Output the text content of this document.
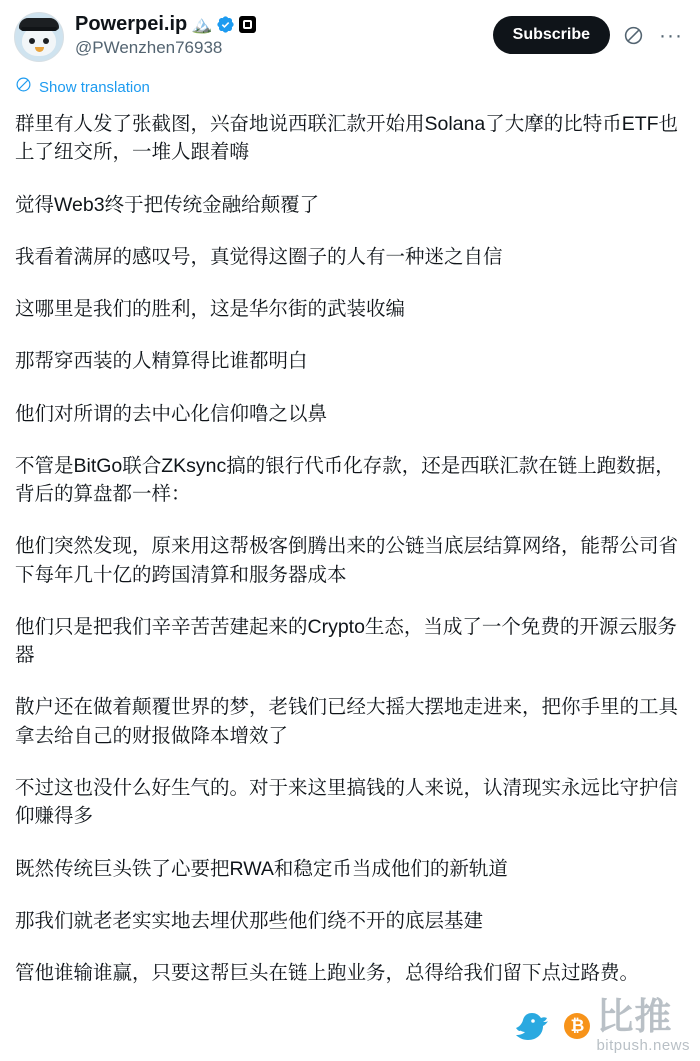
Powerpei.ip 🏔️
@PWenzhen76938
Subscribe	···
Show translation

群里有人发了张截图，兴奋地说西联汇款开始用Solana了大摩的比特币ETF也上了纽交所，一堆人跟着嗨

觉得Web3终于把传统金融给颠覆了

我看着满屏的感叹号，真觉得这圈子的人有一种迷之自信

这哪里是我们的胜利，这是华尔街的武装收编

那帮穿西装的人精算得比谁都明白

他们对所谓的去中心化信仰噜之以鼻

不管是BitGo联合ZKsync搞的银行代币化存款，还是西联汇款在链上跑数据，背后的算盘都一样：

他们突然发现，原来用这帮极客倒腾出来的公链当底层结算网络，能帮公司省下每年几十亿的跨国清算和服务器成本

他们只是把我们辛辛苦苦建起来的Crypto生态，当成了一个免费的开源云服务器

散户还在做着颠覆世界的梦，老钱们已经大摇大摆地走进来，把你手里的工具拿去给自己的财报做降本增效了

不过这也没什么好生气的。对于来这里搞钱的人来说，认清现实永远比守护信仰赚得多

既然传统巨头铁了心要把RWA和稳定币当成他们的新轨道

那我们就老老实实地去埋伏那些他们绕不开的底层基建

管他谁输谁赢，只要这帮巨头在链上跑业务，总得给我们留下点过路费。

₿ 比推
bitpush.news
